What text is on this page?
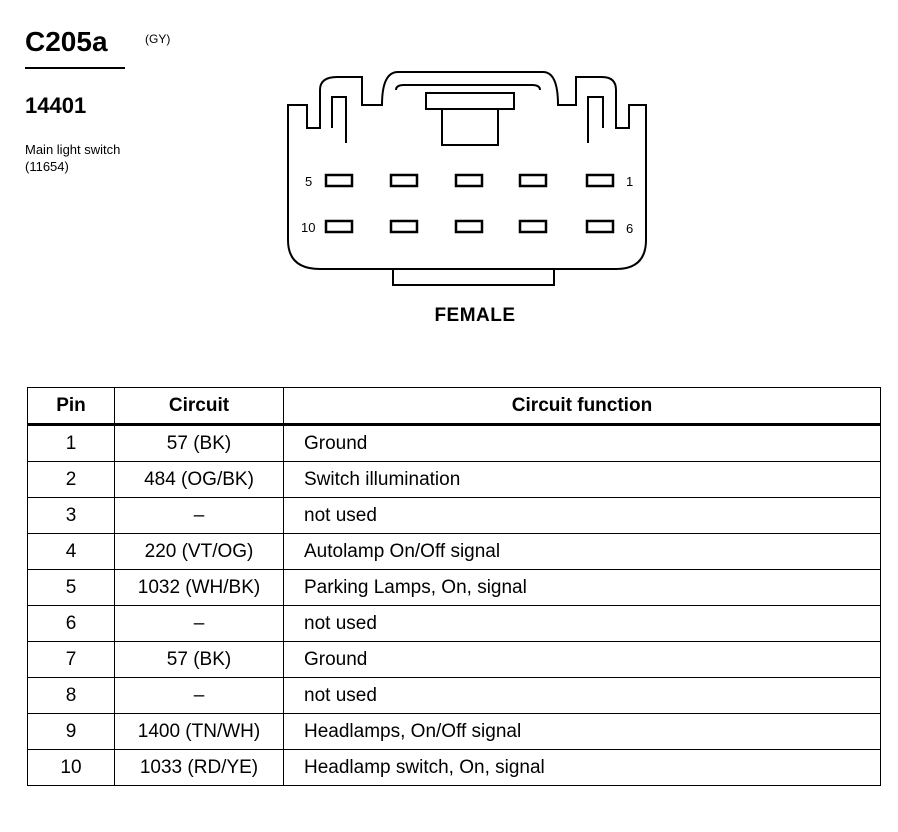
C205a	(GY)
14401
Main light switch
(11654)
5	1
10	6
FEMALE
Pin	Circuit	Circuit function
1	57 (BK)	Ground
2	484 (OG/BK)	Switch illumination
3	–	not used
4	220 (VT/OG)	Autolamp On/Off signal
5	1032 (WH/BK)	Parking Lamps, On, signal
6	–	not used
7	57 (BK)	Ground
8	–	not used
9	1400 (TN/WH)	Headlamps, On/Off signal
10	1033 (RD/YE)	Headlamp switch, On, signal
